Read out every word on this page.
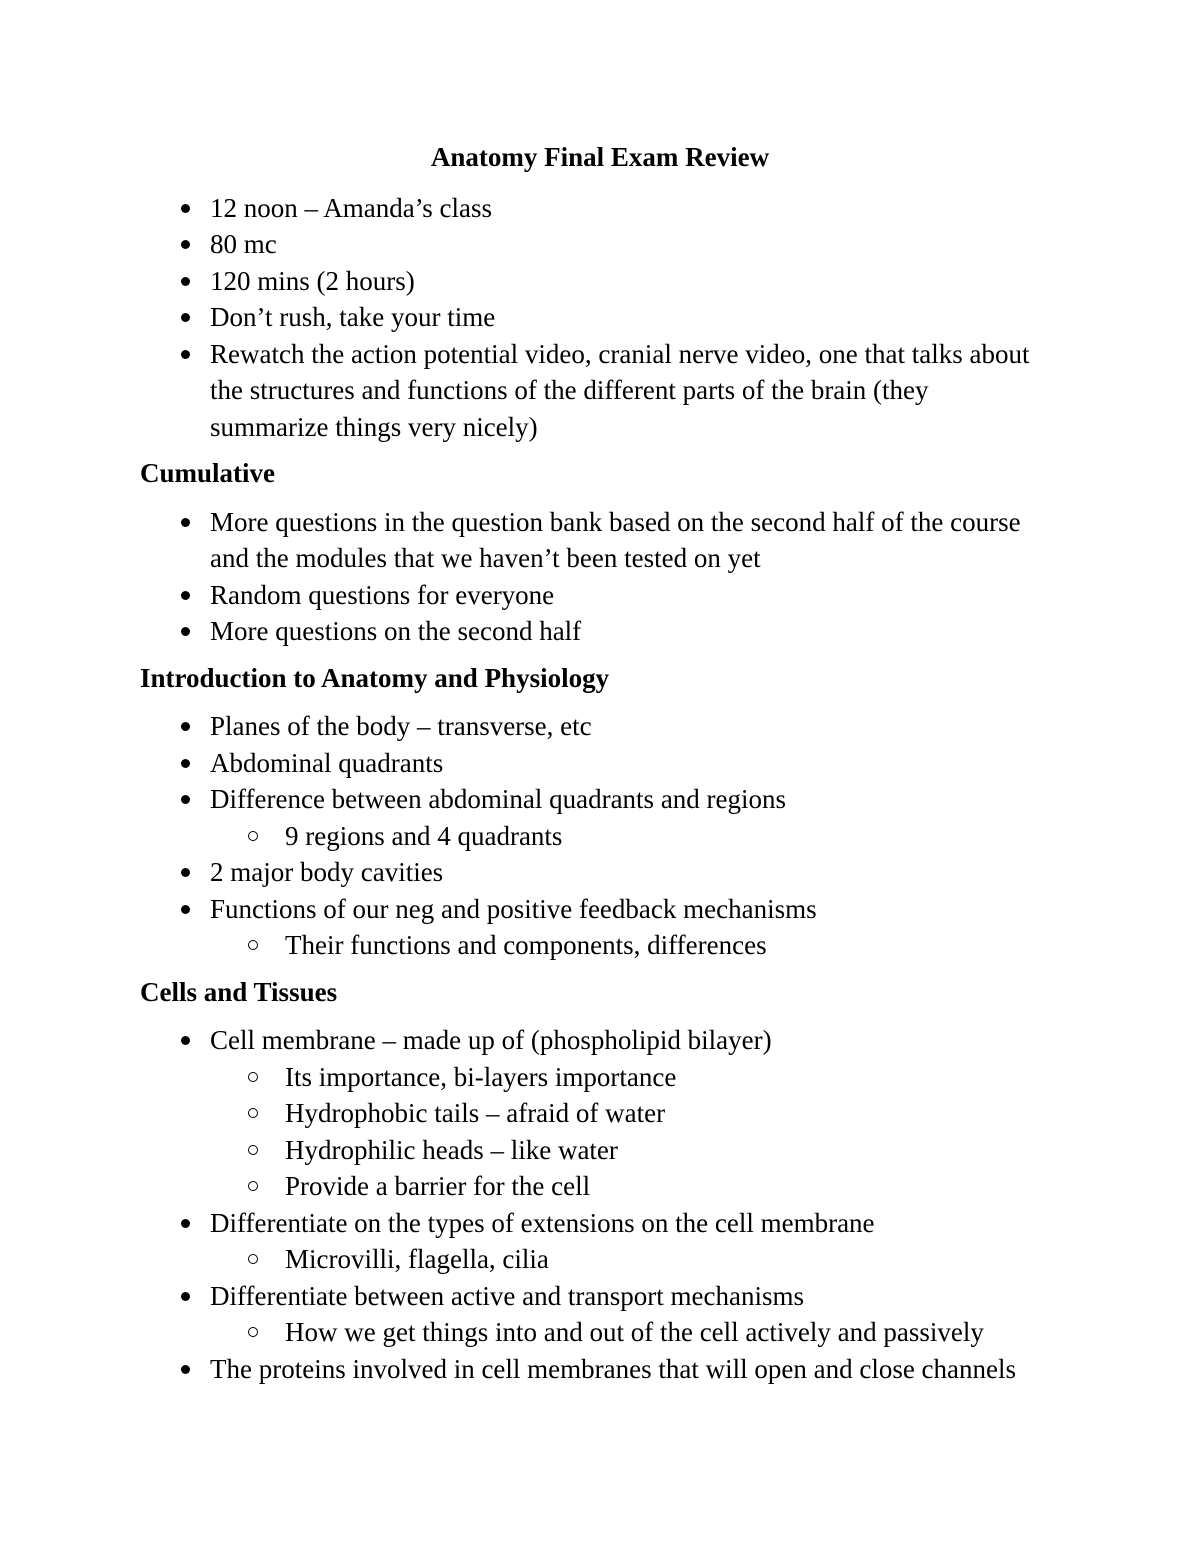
Anatomy Final Exam Review
12 noon – Amanda’s class
80 mc
120 mins (2 hours)
Don’t rush, take your time
Rewatch the action potential video, cranial nerve video, one that talks about the structures and functions of the different parts of the brain (they summarize things very nicely)
Cumulative
More questions in the question bank based on the second half of the course and the modules that we haven’t been tested on yet
Random questions for everyone
More questions on the second half
Introduction to Anatomy and Physiology
Planes of the body – transverse, etc
Abdominal quadrants
Difference between abdominal quadrants and regions
9 regions and 4 quadrants
2 major body cavities
Functions of our neg and positive feedback mechanisms
Their functions and components, differences
Cells and Tissues
Cell membrane – made up of (phospholipid bilayer)
Its importance, bi-layers importance
Hydrophobic tails – afraid of water
Hydrophilic heads – like water
Provide a barrier for the cell
Differentiate on the types of extensions on the cell membrane
Microvilli, flagella, cilia
Differentiate between active and transport mechanisms
How we get things into and out of the cell actively and passively
The proteins involved in cell membranes that will open and close channels
